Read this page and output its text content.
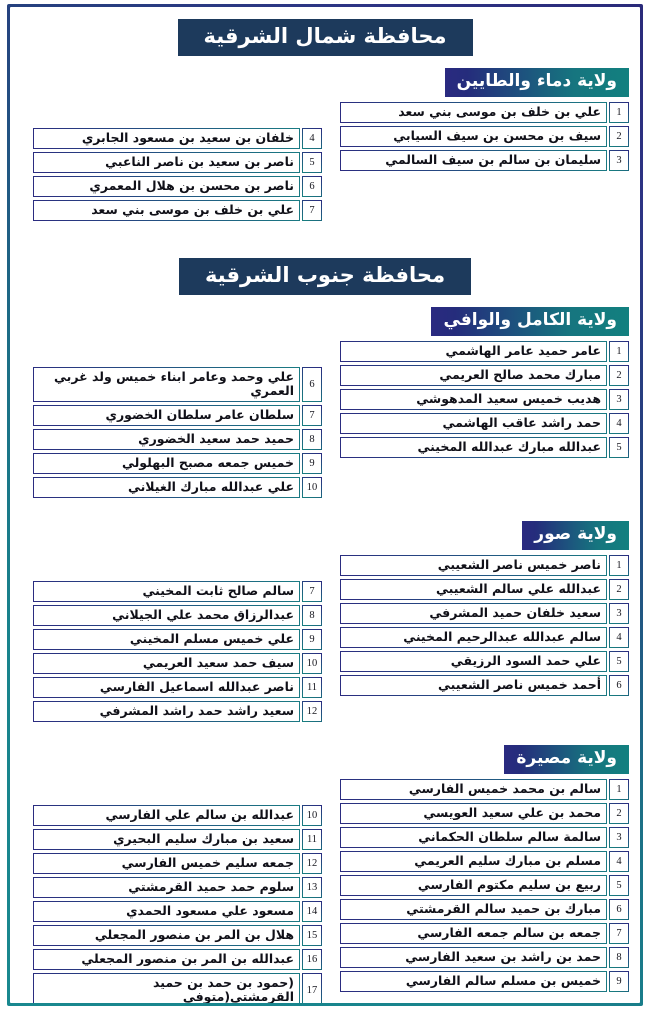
محافظة شمال الشرقية
ولاية دماء والطايين
1
علي بن خلف بن موسى بني سعد
2
سيف بن محسن بن سيف السيابي
3
سليمان بن سالم بن سيف السالمي
4
خلفان بن سعيد بن مسعود الجابري
5
ناصر بن سعيد بن ناصر الناعبي
6
ناصر بن محسن بن هلال المعمري
7
علي بن خلف بن موسى بني سعد
محافظة جنوب الشرقية
ولاية الكامل والوافي
1
عامر حميد عامر الهاشمي
2
مبارك محمد صالح العريمي
3
هديب خميس سعيد المدهوشي
4
حمد راشد عاقب الهاشمي
5
عبدالله مبارك عبدالله المخيني
6
علي وحمد وعامر ابناء خميس ولد غربي العمري
7
سلطان عامر سلطان الخضوري
8
حميد حمد سعيد الخضوري
9
خميس جمعه مصبح البهلولي
10
علي عبدالله مبارك الغيلاني
ولاية صور
1
ناصر خميس ناصر الشعيبي
2
عبدالله علي سالم الشعيبي
3
سعيد خلفان حميد المشرفي
4
سالم عبدالله عبدالرحيم المخيني
5
علي حمد السود الرزيقي
6
أحمد خميس ناصر الشعيبي
7
سالم صالح ثابت المخيني
8
عبدالرزاق محمد علي الجيلاني
9
علي خميس مسلم المخيني
10
سيف حمد سعيد العريمي
11
ناصر عبدالله اسماعيل الفارسي
12
سعيد راشد حمد راشد المشرفي
ولاية مصيرة
1
سالم بن محمد خميس الفارسي
2
محمد بن علي سعيد العويسي
3
سالمة سالم سلطان الحكماني
4
مسلم بن مبارك سليم العريمي
5
ربيع بن سليم مكتوم الفارسي
6
مبارك بن حميد سالم القرمشتي
7
جمعه بن سالم جمعه الفارسي
8
حمد بن راشد بن سعيد الفارسي
9
خميس بن مسلم سالم الفارسي
10
عبدالله بن سالم علي الفارسي
11
سعيد بن مبارك سليم البحيري
12
جمعه سليم خميس الفارسي
13
سلوم حمد حميد القرمشتي
14
مسعود علي مسعود الحمدي
15
هلال بن المر بن منصور المجعلي
16
عبدالله بن المر بن منصور المجعلي
17
(حمود بن حمد بن حميد القرمشتي(متوفى
